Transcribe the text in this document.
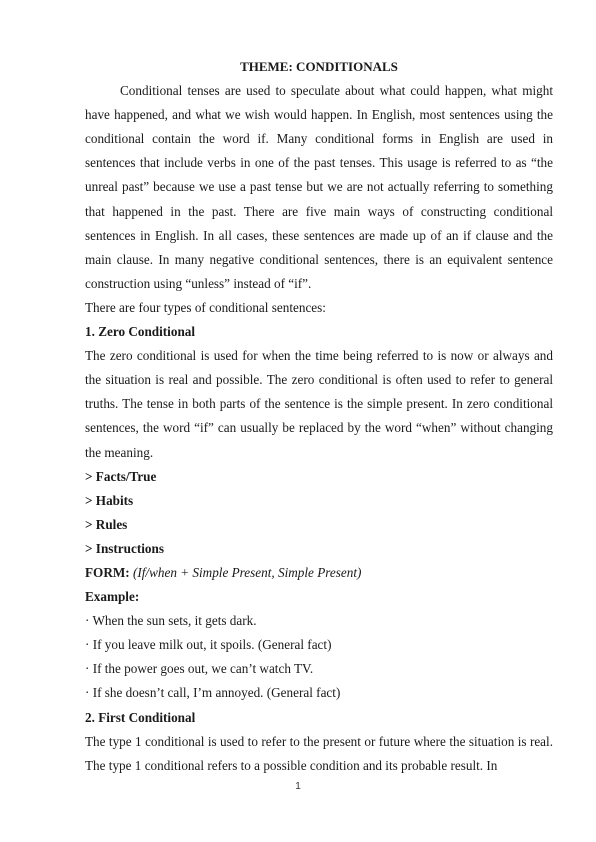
THEME: CONDITIONALS

Conditional tenses are used to speculate about what could happen, what might have happened, and what we wish would happen. In English, most sentences using the conditional contain the word if. Many conditional forms in English are used in sentences that include verbs in one of the past tenses. This usage is referred to as “the unreal past” because we use a past tense but we are not actually referring to something that happened in the past. There are five main ways of constructing conditional sentences in English. In all cases, these sentences are made up of an if clause and the main clause. In many negative conditional sentences, there is an equivalent sentence construction using “unless” instead of “if”.

There are four types of conditional sentences:

1. Zero Conditional

The zero conditional is used for when the time being referred to is now or always and the situation is real and possible. The zero conditional is often used to refer to general truths. The tense in both parts of the sentence is the simple present. In zero conditional sentences, the word “if” can usually be replaced by the word “when” without changing the meaning.

> Facts/True

> Habits

> Rules

> Instructions

FORM: (If/when + Simple Present, Simple Present)

Example:

· When the sun sets, it gets dark.

· If you leave milk out, it spoils. (General fact)

· If the power goes out, we can’t watch TV.

· If she doesn’t call, I’m annoyed. (General fact)

2. First Conditional

The type 1 conditional is used to refer to the present or future where the situation is real. The type 1 conditional refers to a possible condition and its probable result. In

1
